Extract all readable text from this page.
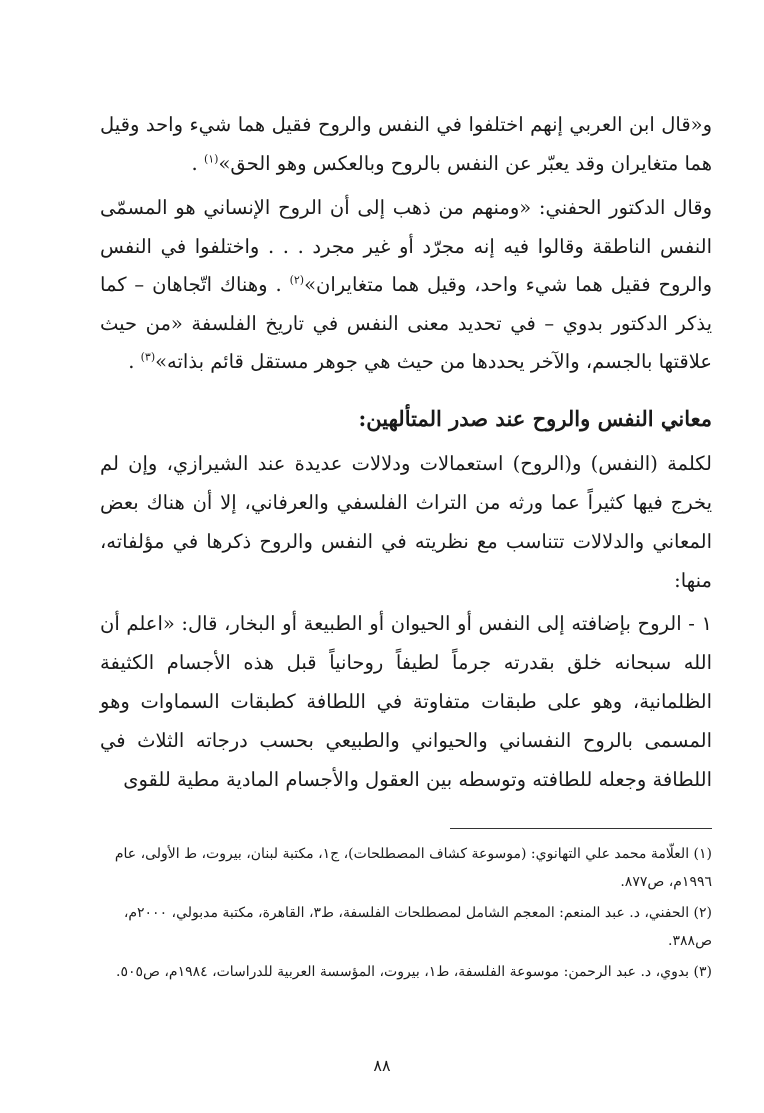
و«قال ابن العربي إنهم اختلفوا في النفس والروح فقيل هما شيء واحد وقيل هما متغايران وقد يعبّر عن النفس بالروح وبالعكس وهو الحق»$^{(١)}$ .

وقال الدكتور الحفني: «ومنهم من ذهب إلى أن الروح الإنساني هو المسمّى النفس الناطقة وقالوا فيه إنه مجرّد أو غير مجرد . . . واختلفوا في النفس والروح فقيل هما شيء واحد، وقيل هما متغايران»$^{(٢)}$ . وهناك اتّجاهان – كما يذكر الدكتور بدوي – في تحديد معنى النفس في تاريخ الفلسفة «من حيث علاقتها بالجسم، والآخر يحددها من حيث هي جوهر مستقل قائم بذاته»$^{(٣)}$ .

معاني النفس والروح عند صدر المتألهين:

لكلمة (النفس) و(الروح) استعمالات ودلالات عديدة عند الشيرازي، وإن لم يخرج فيها كثيراً عما ورثه من التراث الفلسفي والعرفاني، إلا أن هناك بعض المعاني والدلالات تتناسب مع نظريته في النفس والروح ذكرها في مؤلفاته، منها:

١ - الروح بإضافته إلى النفس أو الحيوان أو الطبيعة أو البخار، قال: «اعلم أن الله سبحانه خلق بقدرته جرماً لطيفاً روحانياً قبل هذه الأجسام الكثيفة الظلمانية، وهو على طبقات متفاوتة في اللطافة كطبقات السماوات وهو المسمى بالروح النفساني والحيواني والطبيعي بحسب درجاته الثلاث في اللطافة وجعله للطافته وتوسطه بين العقول والأجسام المادية مطية للقوى

(١) العلّامة محمد علي التهانوي: (موسوعة كشاف المصطلحات)، ج١، مكتبة لبنان، بيروت، ط الأولى، عام ١٩٩٦م، ص٨٧٧.

(٢) الحفني، د. عبد المنعم: المعجم الشامل لمصطلحات الفلسفة، ط٣، القاهرة، مكتبة مدبولي، ٢٠٠٠م، ص٣٨٨.

(٣) بدوي، د. عبد الرحمن: موسوعة الفلسفة، ط١، بيروت، المؤسسة العربية للدراسات، ١٩٨٤م، ص٥٠٥.

٨٨
